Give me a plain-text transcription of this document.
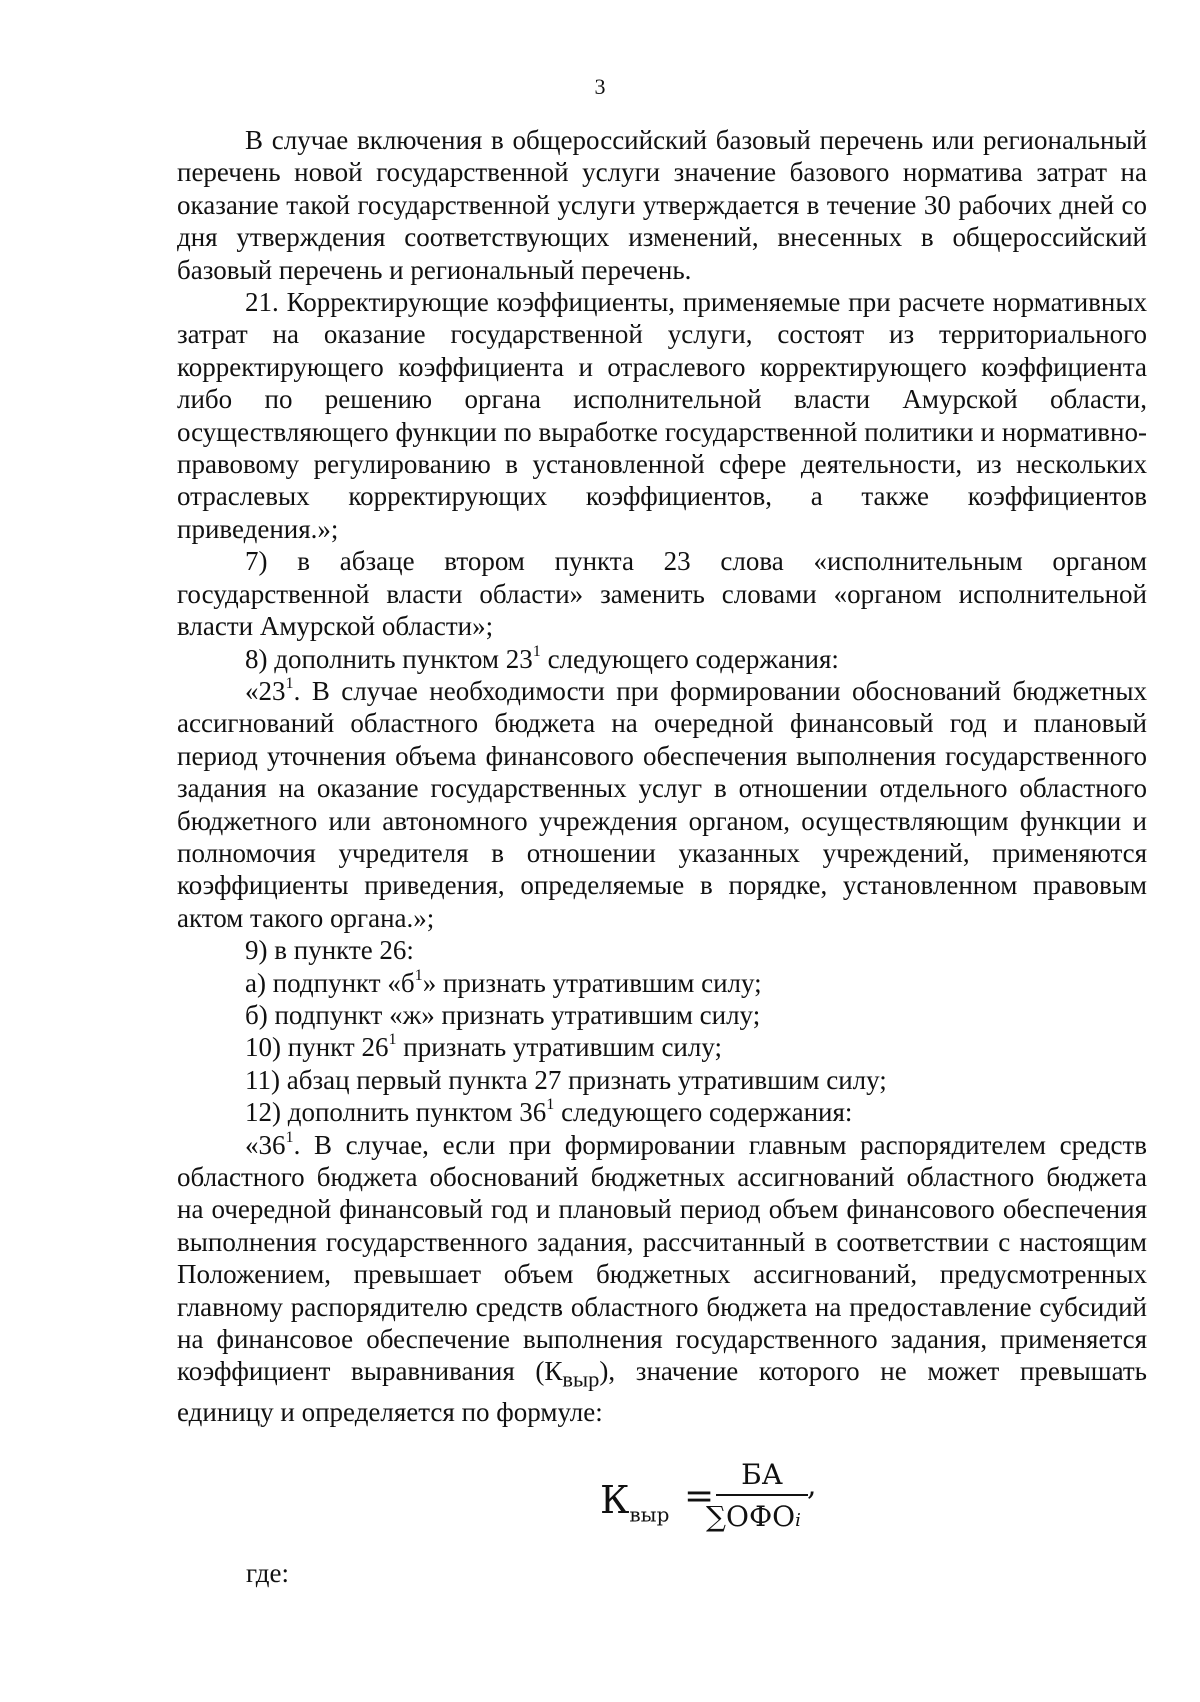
3

В случае включения в общероссийский базовый перечень или региональный перечень новой государственной услуги значение базового норматива затрат на оказание такой государственной услуги утверждается в течение 30 рабочих дней со дня утверждения соответствующих изменений, внесенных в общероссийский базовый перечень и региональный перечень.

21. Корректирующие коэффициенты, применяемые при расчете нормативных затрат на оказание государственной услуги, состоят из территориального корректирующего коэффициента и отраслевого корректирующего коэффициента либо по решению органа исполнительной власти Амурской области, осуществляющего функции по выработке государственной политики и нормативно-правовому регулированию в установленной сфере деятельности, из нескольких отраслевых корректирующих коэффициентов, а также коэффициентов приведения.»;

7) в абзаце втором пункта 23 слова «исполнительным органом государственной власти области» заменить словами «органом исполнительной власти Амурской области»;

8) дополнить пунктом $23^1$ следующего содержания:

«$23^1$. В случае необходимости при формировании обоснований бюджетных ассигнований областного бюджета на очередной финансовый год и плановый период уточнения объема финансового обеспечения выполнения государственного задания на оказание государственных услуг в отношении отдельного областного бюджетного или автономного учреждения органом, осуществляющим функции и полномочия учредителя в отношении указанных учреждений, применяются коэффициенты приведения, определяемые в порядке, установленном правовым актом такого органа.»;

9) в пункте 26:

а) подпункт «$б^1$» признать утратившим силу;

б) подпункт «ж» признать утратившим силу;

10) пункт $26^1$ признать утратившим силу;

11) абзац первый пункта 27 признать утратившим силу;

12) дополнить пунктом $36^1$ следующего содержания:

«$36^1$. В случае, если при формировании главным распорядителем средств областного бюджета обоснований бюджетных ассигнований областного бюджета на очередной финансовый год и плановый период объем финансового обеспечения выполнения государственного задания, рассчитанный в соответствии с настоящим Положением, превышает объем бюджетных ассигнований, предусмотренных главному распорядителю средств областного бюджета на предоставление субсидий на финансовое обеспечение выполнения государственного задания, применяется коэффициент выравнивания $(К_{выр})$, значение которого не может превышать единицу и определяется по формуле:

$К_{выр}$ =
БА
∑ОФОi
,
где:
